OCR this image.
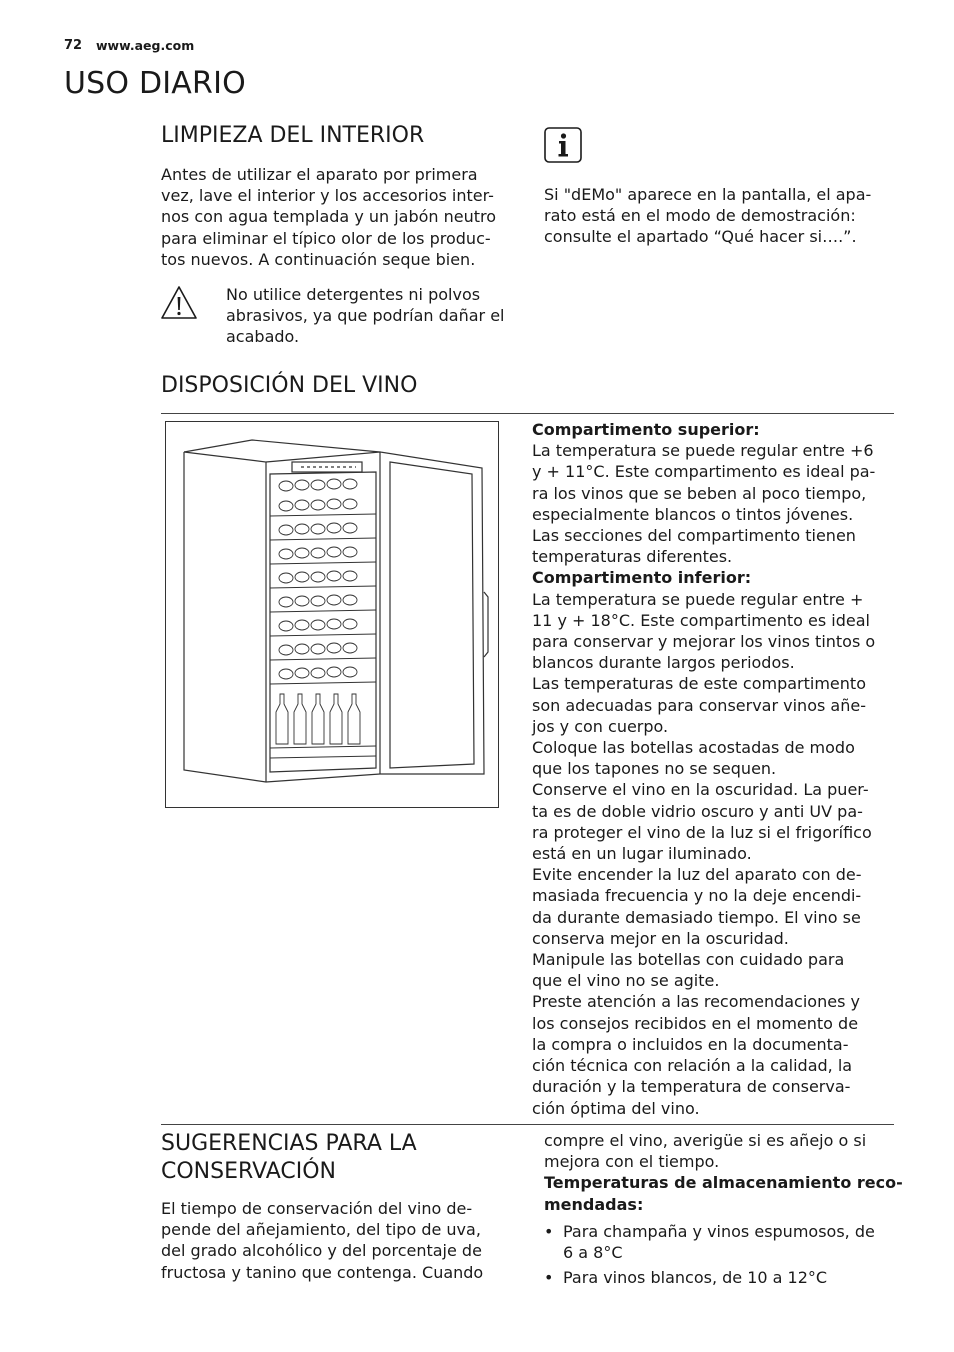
72 www.aeg.com
USO DIARIO
LIMPIEZA DEL INTERIOR

Antes de utilizar el aparato por primera

vez, lave el interior y los accesorios inter-

nos con agua templada y un jabón neutro

para eliminar el típico olor de los produc-

tos nuevos. A continuación seque bien.

No utilice detergentes ni polvos

abrasivos, ya que podrían dañar el

acabado.

Si "dEMo" aparece en la pantalla, el apa-

rato está en el modo de demostración:

consulte el apartado “Qué hacer si….”.

DISPOSICIÓN DEL VINO

Compartimento superior:

La temperatura se puede regular entre +6

y + 11°C. Este compartimento es ideal pa-

ra los vinos que se beben al poco tiempo,

especialmente blancos o tintos jóvenes.

Las secciones del compartimento tienen

temperaturas diferentes.

Compartimento inferior:

La temperatura se puede regular entre +

11 y + 18°C. Este compartimento es ideal

para conservar y mejorar los vinos tintos o

blancos durante largos periodos.

Las temperaturas de este compartimento

son adecuadas para conservar vinos añe-

jos y con cuerpo.

Coloque las botellas acostadas de modo

que los tapones no se sequen.

Conserve el vino en la oscuridad. La puer-

ta es de doble vidrio oscuro y anti UV pa-

ra proteger el vino de la luz si el frigorífico

está en un lugar iluminado.

Evite encender la luz del aparato con de-

masiada frecuencia y no la deje encendi-

da durante demasiado tiempo. El vino se

conserva mejor en la oscuridad.

Manipule las botellas con cuidado para

que el vino no se agite.

Preste atención a las recomendaciones y

los consejos recibidos en el momento de

la compra o incluidos en la documenta-

ción técnica con relación a la calidad, la

duración y la temperatura de conserva-

ción óptima del vino.

SUGERENCIAS PARA LA
CONSERVACIÓN

El tiempo de conservación del vino de-

pende del añejamiento, del tipo de uva,

del grado alcohólico y del porcentaje de

fructosa y tanino que contenga. Cuando

compre el vino, averigüe si es añejo o si

mejora con el tiempo.

Temperaturas de almacenamiento reco-

mendadas:

• Para champaña y vinos espumosos, de
6 a 8°C
• Para vinos blancos, de 10 a 12°C
